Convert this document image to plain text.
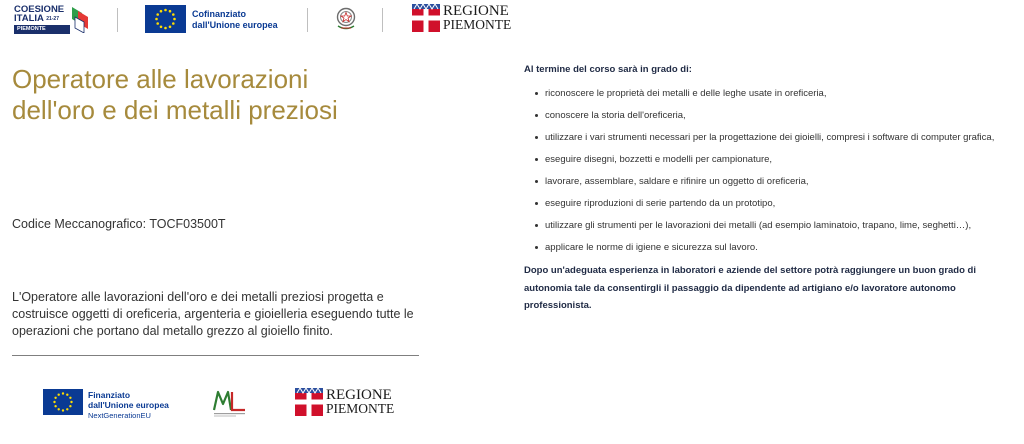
COESIONE
ITALIA $^{21-27}$
PIEMONTE
Cofinanziato
dall'Unione europea
REGIONE
PIEMONTE
Operatore alle lavorazioni
dell'oro e dei metalli preziosi
Codice Meccanografico: TOCF03500T

L'Operatore alle lavorazioni dell'oro e dei metalli preziosi progetta e
costruisce oggetti di oreficeria, argenteria e gioielleria eseguendo tutte le
operazioni che portano dal metallo grezzo al gioiello finito.

Finanziato
dall'Unione europea
NextGenerationEU
REGIONE
PIEMONTE

Al termine del corso sarà in grado di:

riconoscere le proprietà dei metalli e delle leghe usate in oreficeria,
conoscere la storia dell'oreficeria,
utilizzare i vari strumenti necessari per la progettazione dei gioielli, compresi i software di computer grafica,
eseguire disegni, bozzetti e modelli per campionature,
lavorare, assemblare, saldare e rifinire un oggetto di oreficeria,
eseguire riproduzioni di serie partendo da un prototipo,
utilizzare gli strumenti per le lavorazioni dei metalli (ad esempio laminatoio, trapano, lime, seghetti…),
applicare le norme di igiene e sicurezza sul lavoro.

Dopo un'adeguata esperienza in laboratori e aziende del settore potrà raggiungere un buon grado di autonomia tale da consentirgli il passaggio da dipendente ad artigiano e/o lavoratore autonomo professionista.
